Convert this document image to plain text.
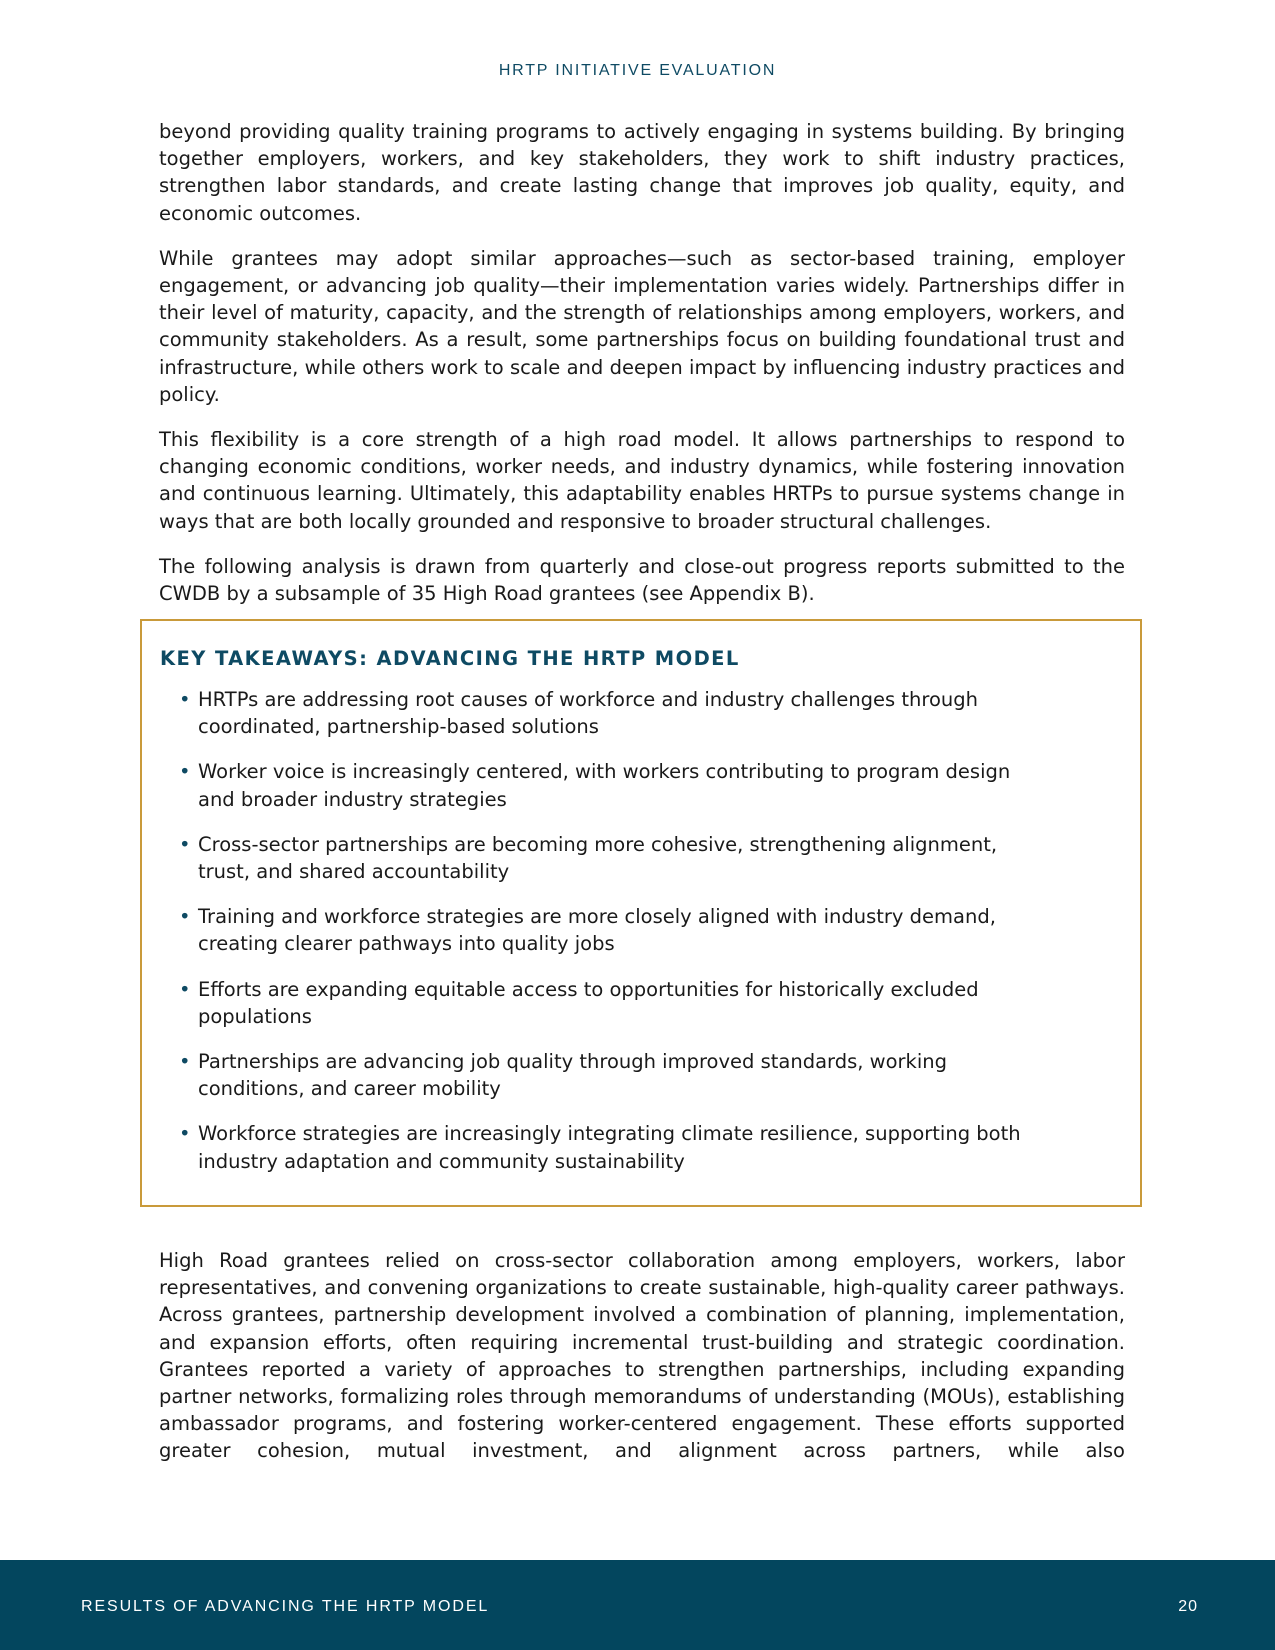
HRTP INITIATIVE EVALUATION

beyond providing quality training programs to actively engaging in systems building. By bringing together employers, workers, and key stakeholders, they work to shift industry practices, strengthen labor standards, and create lasting change that improves job quality, equity, and economic outcomes.

While grantees may adopt similar approaches—such as sector-based training, employer engagement, or advancing job quality—their implementation varies widely. Partnerships differ in their level of maturity, capacity, and the strength of relationships among employers, workers, and community stakeholders. As a result, some partnerships focus on building foundational trust and infrastructure, while others work to scale and deepen impact by influencing industry practices and policy.

This flexibility is a core strength of a high road model. It allows partnerships to respond to changing economic conditions, worker needs, and industry dynamics, while fostering innovation and continuous learning. Ultimately, this adaptability enables HRTPs to pursue systems change in ways that are both locally grounded and responsive to broader structural challenges.

The following analysis is drawn from quarterly and close-out progress reports submitted to the CWDB by a subsample of 35 High Road grantees (see Appendix B).

KEY TAKEAWAYS: ADVANCING THE HRTP MODEL
• HRTPs are addressing root causes of workforce and industry challenges through coordinated, partnership-based solutions
• Worker voice is increasingly centered, with workers contributing to program design and broader industry strategies
• Cross-sector partnerships are becoming more cohesive, strengthening alignment, trust, and shared accountability
• Training and workforce strategies are more closely aligned with industry demand, creating clearer pathways into quality jobs
• Efforts are expanding equitable access to opportunities for historically excluded populations
• Partnerships are advancing job quality through improved standards, working conditions, and career mobility
• Workforce strategies are increasingly integrating climate resilience, supporting both industry adaptation and community sustainability

High Road grantees relied on cross-sector collaboration among employers, workers, labor representatives, and convening organizations to create sustainable, high-quality career pathways. Across grantees, partnership development involved a combination of planning, implementation, and expansion efforts, often requiring incremental trust-building and strategic coordination. Grantees reported a variety of approaches to strengthen partnerships, including expanding partner networks, formalizing roles through memorandums of understanding (MOUs), establishing ambassador programs, and fostering worker-centered engagement. These efforts supported greater cohesion, mutual investment, and alignment across partners, while also

RESULTS OF ADVANCING THE HRTP MODEL	20
